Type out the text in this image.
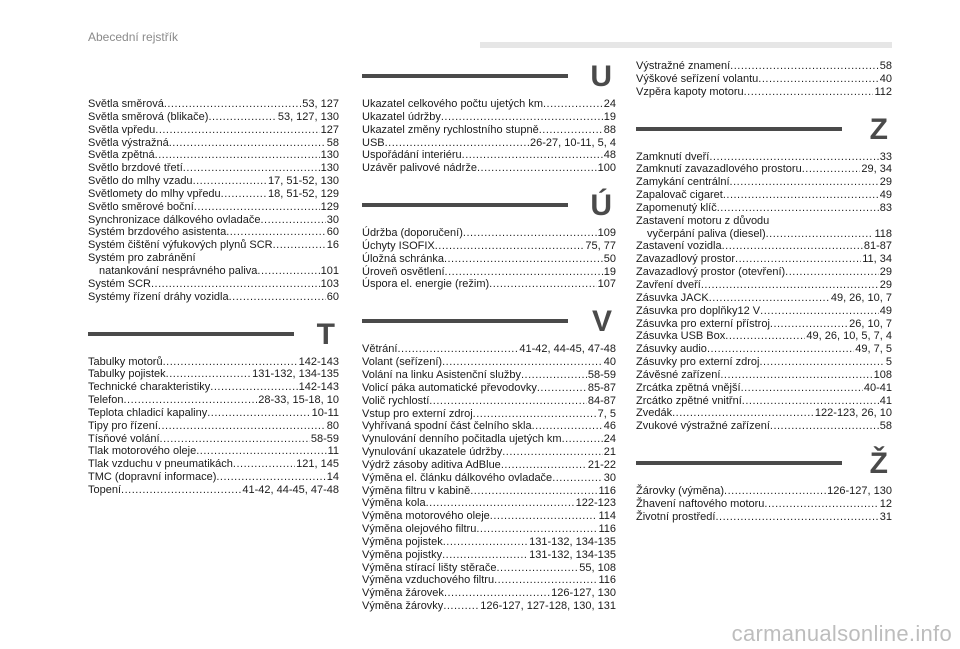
Abecední rejstřík
Světla směrová .....	53, 127
Světla směrová (blikače) .....	53, 127, 130
Světla vpředu .....	127
Světla výstražná .....	58
Světla zpětná .....	130
Světlo brzdové třetí .....	130
Světlo do mlhy vzadu .....	17, 51-52, 130
Světlomety do mlhy vpředu .....	18, 51-52, 129
Světlo směrové boční .....	129
Synchronizace dálkového ovladače .....	30
Systém brzdového asistenta .....	60
Systém čištění výfukových plynů SCR .....	16
Systém pro zabránění
natankování nesprávného paliva .....	101
Systém SCR .....	103
Systémy řízení dráhy vozidla .....	60
T
Tabulky motorů .....	142-143
Tabulky pojistek .....	131-132, 134-135
Technické charakteristiky .....	142-143
Telefon .....	28-33, 15-18, 10
Teplota chladicí kapaliny .....	10-11
Tipy pro řízení .....	80
Tísňové volání .....	58-59
Tlak motorového oleje .....	11
Tlak vzduchu v pneumatikách .....	121, 145
TMC (dopravní informace) .....	14
Topení .....	41-42, 44-45, 47-48
U
Ukazatel celkového počtu ujetých km .....	24
Ukazatel údržby .....	19
Ukazatel změny rychlostního stupně .....	88
USB .....	26-27, 10-11, 5, 4
Uspořádání interiéru .....	48
Uzávěr palivové nádrže .....	100
Ú
Údržba (doporučení) .....	109
Úchyty ISOFIX .....	75, 77
Úložná schránka .....	50
Úroveň osvětlení .....	19
Úspora el. energie (režim) .....	107
V
Větrání .....	41-42, 44-45, 47-48
Volant (seřízení) .....	40
Volání na linku Asistenční služby .....	58-59
Volicí páka automatické převodovky .....	85-87
Volič rychlostí .....	84-87
Vstup pro externí zdroj .....	7, 5
Vyhřívaná spodní část čelního skla .....	46
Vynulování denního počitadla ujetých km .....	24
Vynulování ukazatele údržby .....	21
Výdrž zásoby aditiva AdBlue .....	21-22
Výměna el. článku dálkového ovladače .....	30
Výměna filtru v kabině .....	116
Výměna kola .....	122-123
Výměna motorového oleje .....	114
Výměna olejového filtru .....	116
Výměna pojistek .....	131-132, 134-135
Výměna pojistky .....	131-132, 134-135
Výměna stírací lišty stěrače .....	55, 108
Výměna vzduchového filtru .....	116
Výměna žárovek .....	126-127, 130
Výměna žárovky .....	126-127, 127-128, 130, 131
Výstražné znamení .....	58
Výškové seřízení volantu .....	40
Vzpěra kapoty motoru .....	112
Z
Zamknutí dveří .....	33
Zamknutí zavazadlového prostoru .....	29, 34
Zamykání centrální .....	29
Zapalovač cigaret .....	49
Zapomenutý klíč .....	83
Zastavení motoru z důvodu
vyčerpání paliva (diesel) .....	118
Zastavení vozidla .....	81-87
Zavazadlový prostor .....	11, 34
Zavazadlový prostor (otevření) .....	29
Zavření dveří .....	29
Zásuvka JACK .....	49, 26, 10, 7
Zásuvka pro doplňky12 V .....	49
Zásuvka pro externí přístroj .....	26, 10, 7
Zásuvka USB Box .....	49, 26, 10, 5, 7, 4
Zásuvky audio .....	49, 7, 5
Zásuvky pro externí zdroj .....	5
Závěsné zařízení .....	108
Zrcátka zpětná vnější .....	40-41
Zrcátko zpětné vnitřní .....	41
Zvedák .....	122-123, 26, 10
Zvukové výstražné zařízení .....	58
Ž
Žárovky (výměna) .....	126-127, 130
Žhavení naftového motoru .....	12
Životní prostředí .....	31
carmanualsonline.info
